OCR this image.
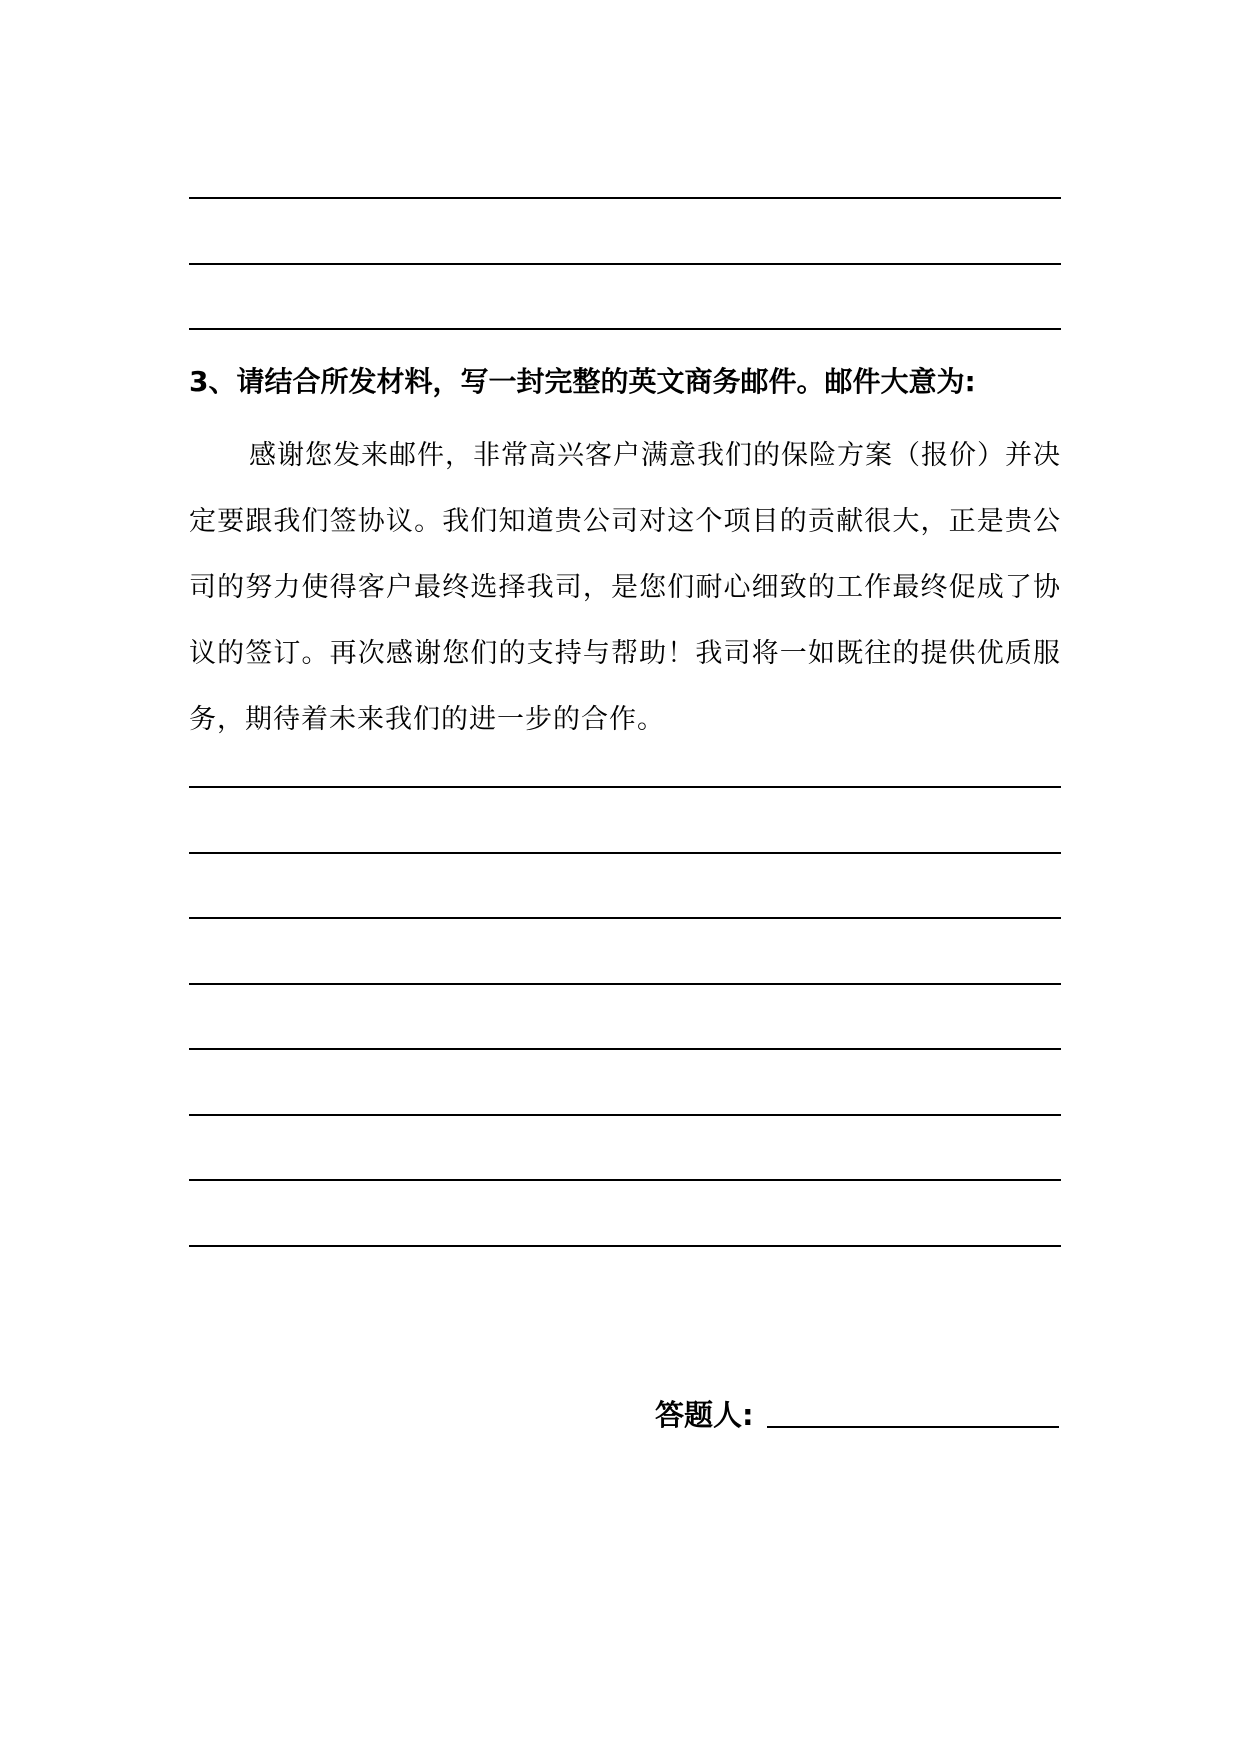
3、请结合所发材料，写一封完整的英文商务邮件。邮件大意为:
感谢您发来邮件，非常高兴客户满意我们的保险方案（报价）并决定要跟我们签协议。我们知道贵公司对这个项目的贡献很大，正是贵公司的努力使得客户最终选择我司，是您们耐心细致的工作最终促成了协议的签订。再次感谢您们的支持与帮助！我司将一如既往的提供优质服务，期待着未来我们的进一步的合作。
答题人:
